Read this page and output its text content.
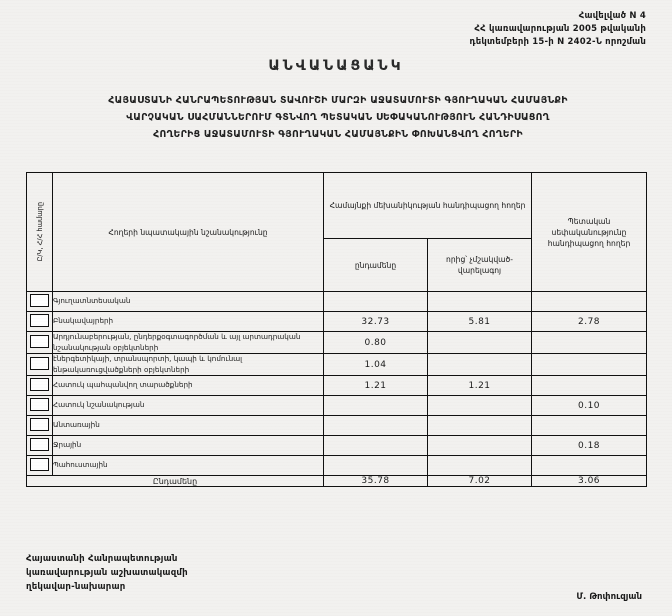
Հավելված N 4
ՀՀ կառավարության 2005 թվականի
դեկտեմբերի 15-ի N 2402-Ն որոշման
ԱՆՎԱՆԱՑԱՆԿ
ՀԱՅԱՍՏԱՆԻ ՀԱՆՐԱՊԵՏՈՒԹՅԱՆ ՏԱՎՈՒՇԻ ՄԱՐԶԻ ԱՋԱՏԱՄՈՒՏԻ ԳՅՈՒՂԱԿԱՆ ՀԱՄԱՅՆՔԻ
ՎԱՐՉԱԿԱՆ ՍԱՀՄԱՆՆԵՐՈՒՄ ԳՏՆՎՈՂ ՊԵՏԱԿԱՆ ՍԵՓԱԿԱՆՈՒԹՅՈՒՆ ՀԱՆԴԻՍԱՑՈՂ
ՀՈՂԵՐԻՑ ԱՋԱՏԱՄՈՒՏԻ ԳՅՈՒՂԱԿԱՆ ՀԱՄԱՅՆՔԻՆ ՓՈԽԱՆՑՎՈՂ ՀՈՂԵՐԻ
Ը/Կ, Հ/Հ համարը	Հողերի նպատակային նշանակությունը	Համայնքի մեխանիկության հանդիպացող հողեր		Պետական սեփականությունը հանդիպացող հողեր
		ընդամենը	որից՝ չմշակված-վարելագոյ	
	Գյուղատնտեսական			
	Բնակավայրերի	32.73	5.81	2.78
	Արդյունաբերության, ընդերքօգտագործման և այլ արտադրական նշանակության օբյեկտների	0.80		
	էներգետիկայի, տրանսպորտի, կապի և կոմունալ ենթակառուցվածքների օբյեկտների	1.04		
	Հատուկ պահպանվող տարածքների	1.21	1.21	
	Հատուկ նշանակության			0.10
	Անտառային			
	Ջրային			0.18
	Պահուստային			
Ընդամենը		35.78	7.02	3.06
Հայաստանի Հանրապետության
կառավարության աշխատակազմի
ղեկավար-նախարար
Մ. Թոփուզյան
